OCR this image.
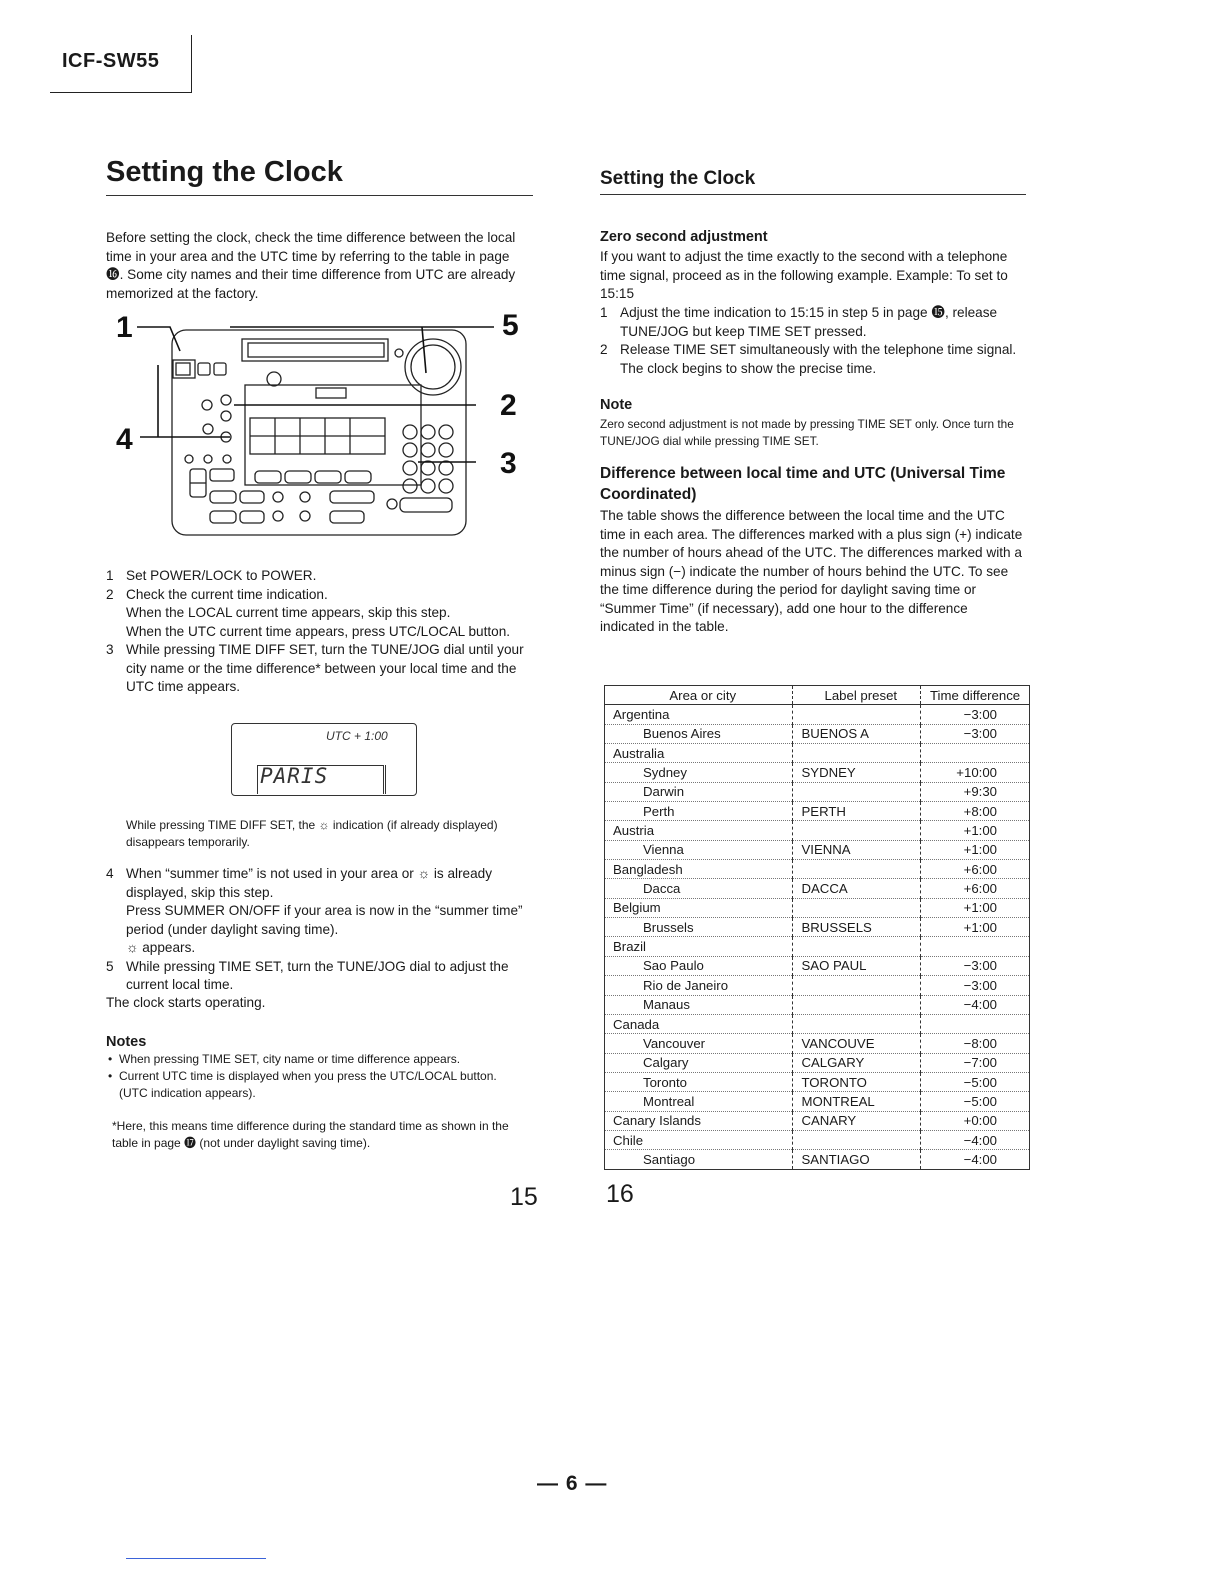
ICF-SW55
Setting the Clock

Before setting the clock, check the time difference between the local time in your area and the UTC time by referring to the table in page ⓰. Some city names and their time difference from UTC are already memorized at the factory.

1	5
2
4
3
1 Set POWER/LOCK to POWER.
2 Check the current time indication.
When the LOCAL current time appears, skip this step.
When the UTC current time appears, press UTC/LOCAL button.
3 While pressing TIME DIFF SET, turn the TUNE/JOG dial until your city name or the time difference* between your local time and the UTC time appears.
UTC + 1:00
PARIS

While pressing TIME DIFF SET, the ☼ indication (if already displayed) disappears temporarily.

4 When “summer time” is not used in your area or ☼ is already displayed, skip this step.
Press SUMMER ON/OFF if your area is now in the “summer time” period (under daylight saving time).
☼ appears.
5 While pressing TIME SET, turn the TUNE/JOG dial to adjust the current local time.
The clock starts operating.
Notes
• When pressing TIME SET, city name or time difference appears.
• Current UTC time is displayed when you press the UTC/LOCAL button. (UTC indication appears).

*Here, this means time difference during the standard time as shown in the table in page ⓱ (not under daylight saving time).

15
Setting the Clock
Zero second adjustment

If you want to adjust the time exactly to the second with a telephone time signal, proceed as in the following example. Example: To set to 15:15

1 Adjust the time indication to 15:15 in step 5 in page ⓯, release TUNE/JOG but keep TIME SET pressed.
2 Release TIME SET simultaneously with the telephone time signal. The clock begins to show the precise time.
Note

Zero second adjustment is not made by pressing TIME SET only. Once turn the TUNE/JOG dial while pressing TIME SET.

Difference between local time and UTC (Universal Time Coordinated)

The table shows the difference between the local time and the UTC time in each area. The differences marked with a plus sign (+) indicate the number of hours ahead of the UTC. The differences marked with a minus sign (−) indicate the number of hours behind the UTC. To see the time difference during the period for daylight saving time or “Summer Time” (if necessary), add one hour to the difference indicated in the table.

Area or city	Label preset	Time difference
Argentina		−3:00
Buenos Aires	BUENOS A	−3:00
Australia		
Sydney	SYDNEY	+10:00
Darwin		+9:30
Perth	PERTH	+8:00
Austria		+1:00
Vienna	VIENNA	+1:00
Bangladesh		+6:00
Dacca	DACCA	+6:00
Belgium		+1:00
Brussels	BRUSSELS	+1:00
Brazil		
Sao Paulo	SAO PAUL	−3:00
Rio de Janeiro		−3:00
Manaus		−4:00
Canada		
Vancouver	VANCOUVE	−8:00
Calgary	CALGARY	−7:00
Toronto	TORONTO	−5:00
Montreal	MONTREAL	−5:00
Canary Islands	CANARY	+0:00
Chile		−4:00
Santiago	SANTIAGO	−4:00
16
— 6 —
